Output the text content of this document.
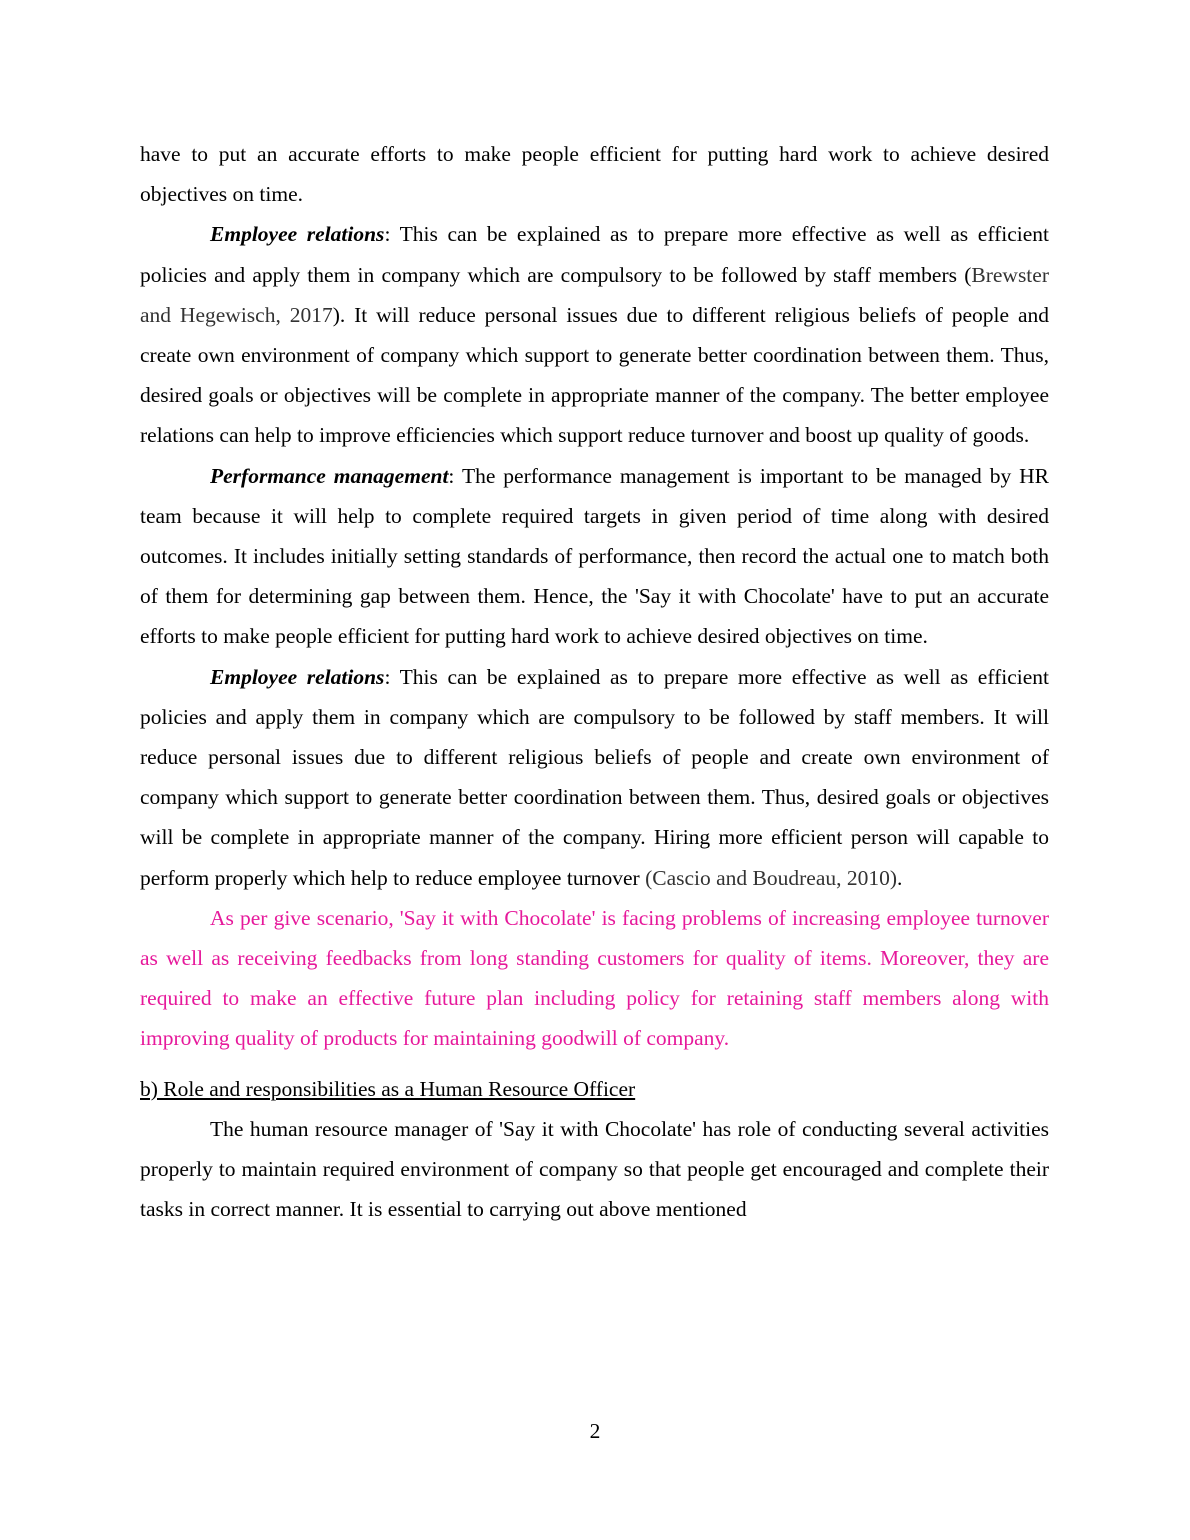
have to put an accurate efforts to make people efficient for putting hard work to achieve desired objectives on time.

Employee relations: This can be explained as to prepare more effective as well as efficient policies and apply them in company which are compulsory to be followed by staff members (Brewster and Hegewisch, 2017). It will reduce personal issues due to different religious beliefs of people and create own environment of company which support to generate better coordination between them. Thus, desired goals or objectives will be complete in appropriate manner of the company. The better employee relations can help to improve efficiencies which support reduce turnover and boost up quality of goods.

Performance management: The performance management is important to be managed by HR team because it will help to complete required targets in given period of time along with desired outcomes. It includes initially setting standards of performance, then record the actual one to match both of them for determining gap between them. Hence, the 'Say it with Chocolate' have to put an accurate efforts to make people efficient for putting hard work to achieve desired objectives on time.

Employee relations: This can be explained as to prepare more effective as well as efficient policies and apply them in company which are compulsory to be followed by staff members. It will reduce personal issues due to different religious beliefs of people and create own environment of company which support to generate better coordination between them. Thus, desired goals or objectives will be complete in appropriate manner of the company. Hiring more efficient person will capable to perform properly which help to reduce employee turnover (Cascio and Boudreau, 2010).

As per give scenario, 'Say it with Chocolate' is facing problems of increasing employee turnover as well as receiving feedbacks from long standing customers for quality of items. Moreover, they are required to make an effective future plan including policy for retaining staff members along with improving quality of products for maintaining goodwill of company.

b) Role and responsibilities as a Human Resource Officer

The human resource manager of 'Say it with Chocolate' has role of conducting several activities properly to maintain required environment of company so that people get encouraged and complete their tasks in correct manner. It is essential to carrying out above mentioned

2
